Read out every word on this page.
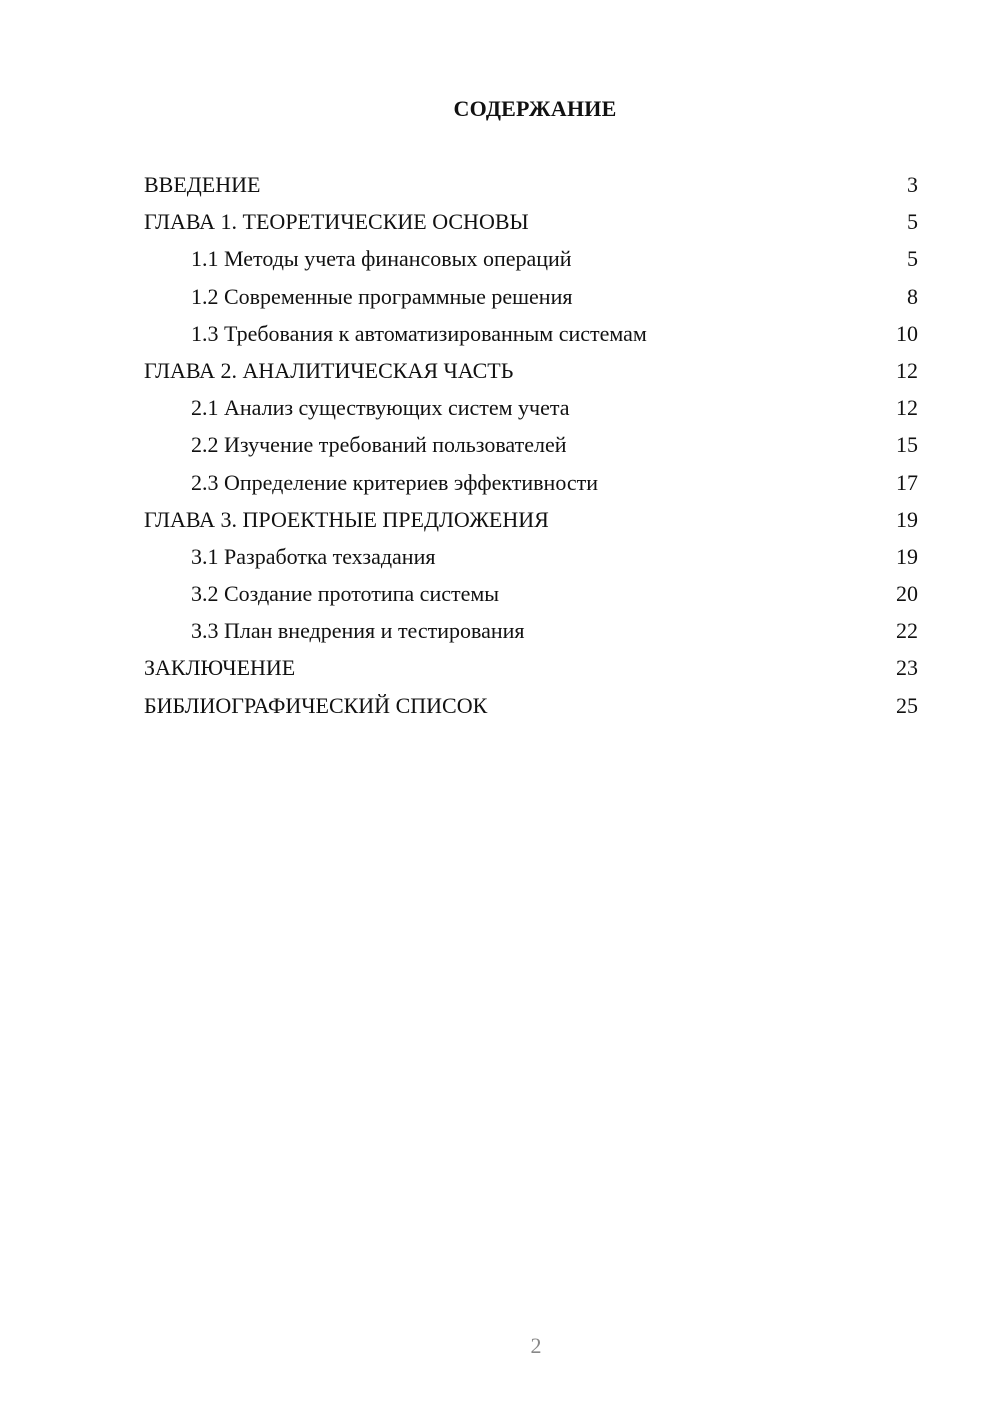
СОДЕРЖАНИЕ
ВВЕДЕНИЕ	3
ГЛАВА 1. ТЕОРЕТИЧЕСКИЕ ОСНОВЫ	5
1.1 Методы учета финансовых операций	5
1.2 Современные программные решения	8
1.3 Требования к автоматизированным системам	10
ГЛАВА 2. АНАЛИТИЧЕСКАЯ ЧАСТЬ	12
2.1 Анализ существующих систем учета	12
2.2 Изучение требований пользователей	15
2.3 Определение критериев эффективности	17
ГЛАВА 3. ПРОЕКТНЫЕ ПРЕДЛОЖЕНИЯ	19
3.1 Разработка техзадания	19
3.2 Создание прототипа системы	20
3.3 План внедрения и тестирования	22
ЗАКЛЮЧЕНИЕ	23
БИБЛИОГРАФИЧЕСКИЙ СПИСОК	25
2
